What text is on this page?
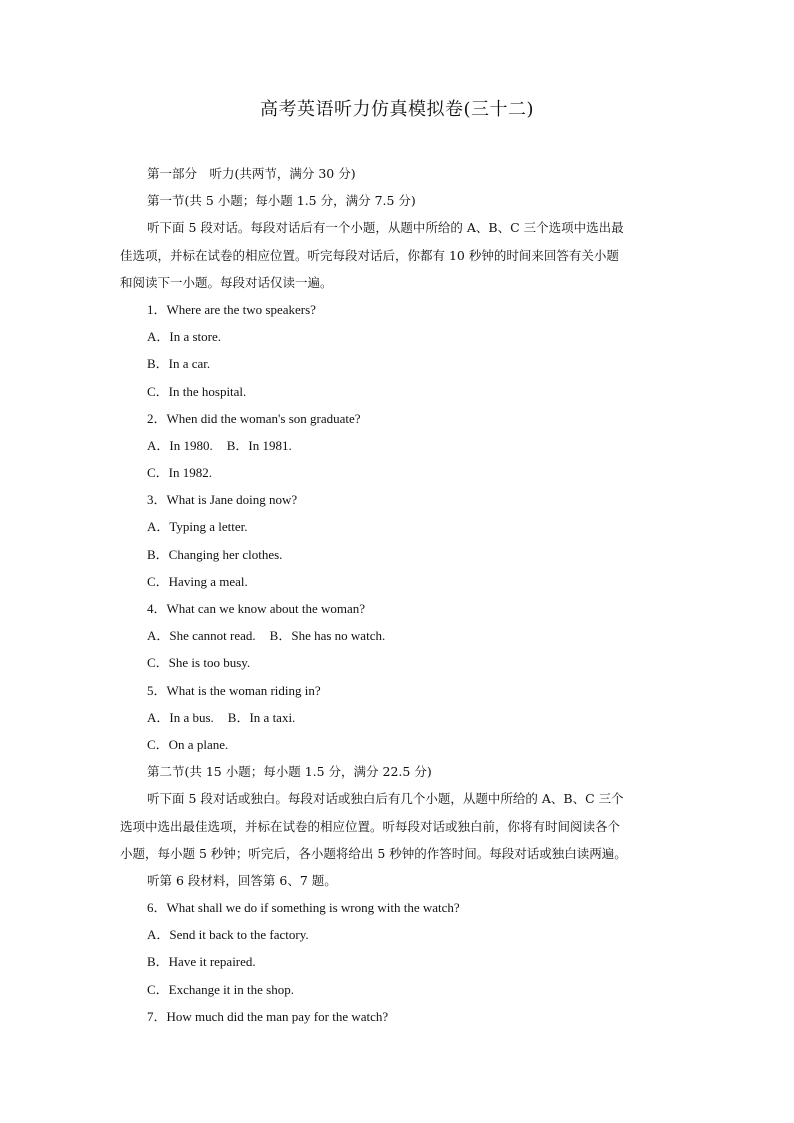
高考英语听力仿真模拟卷(三十二)
第一部分　听力(共两节，满分 30 分)
第一节(共 5 小题；每小题 1.5 分，满分 7.5 分)
听下面 5 段对话。每段对话后有一个小题，从题中所给的 A、B、C 三个选项中选出最
佳选项，并标在试卷的相应位置。听完每段对话后，你都有 10 秒钟的时间来回答有关小题
和阅读下一小题。每段对话仅读一遍。
1．Where are the two speakers?
A．In a store.
B．In a car.
C．In the hospital.
2．When did the woman's son graduate?
A．In 1980. B．In 1981.
C．In 1982.
3．What is Jane doing now?
A．Typing a letter.
B．Changing her clothes.
C．Having a meal.
4．What can we know about the woman?
A．She cannot read. B．She has no watch.
C．She is too busy.
5．What is the woman riding in?
A．In a bus. B．In a taxi.
C．On a plane.
第二节(共 15 小题；每小题 1.5 分，满分 22.5 分)
听下面 5 段对话或独白。每段对话或独白后有几个小题，从题中所给的 A、B、C 三个
选项中选出最佳选项，并标在试卷的相应位置。听每段对话或独白前，你将有时间阅读各个
小题，每小题 5 秒钟；听完后，各小题将给出 5 秒钟的作答时间。每段对话或独白读两遍。
听第 6 段材料，回答第 6、7 题。
6．What shall we do if something is wrong with the watch?
A．Send it back to the factory.
B．Have it repaired.
C．Exchange it in the shop.
7．How much did the man pay for the watch?
